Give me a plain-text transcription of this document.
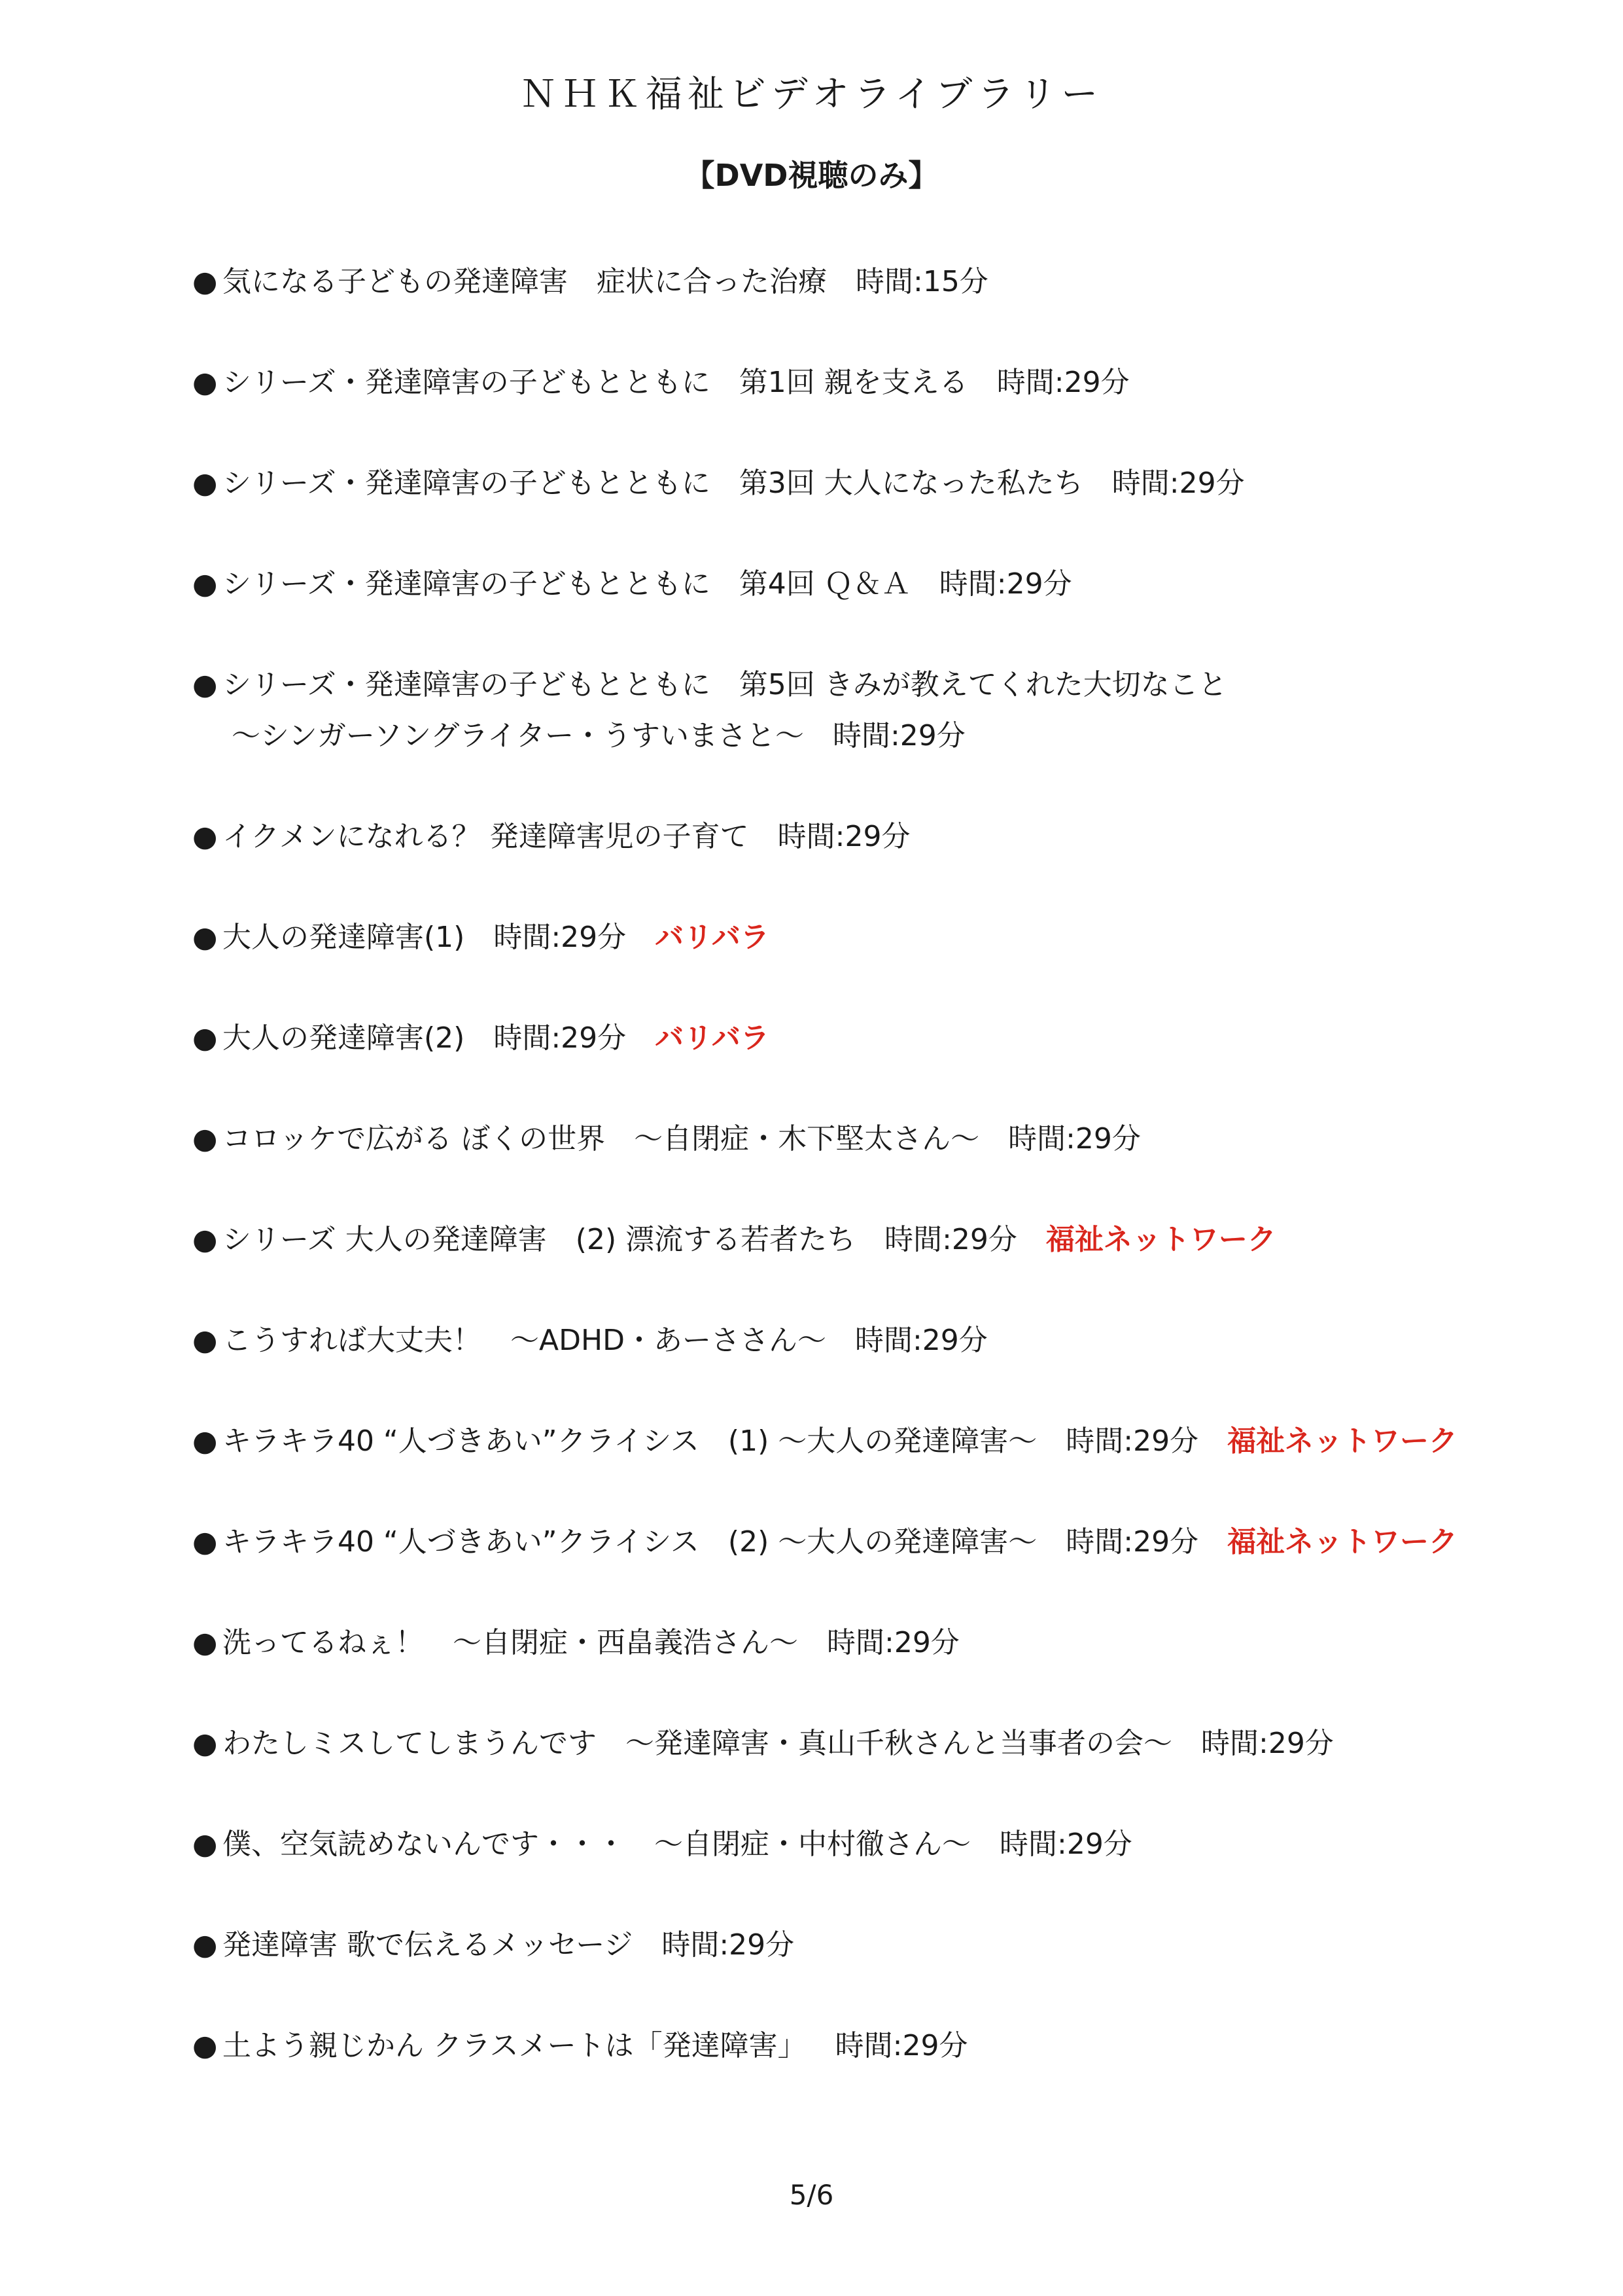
ＮＨＫ福祉ビデオライブラリー
【DVD視聴のみ】
● 気になる子どもの発達障害　症状に合った治療 時間:15分
● シリーズ・発達障害の子どもとともに　第1回 親を支える 時間:29分
● シリーズ・発達障害の子どもとともに　第3回 大人になった私たち 時間:29分
● シリーズ・発達障害の子どもとともに　第4回 Ｑ＆Ａ 時間:29分
● シリーズ・発達障害の子どもとともに　第5回 きみが教えてくれた大切なこと
～シンガーソングライター・うすいまさと～ 時間:29分
● イクメンになれる？ 発達障害児の子育て 時間:29分
● 大人の発達障害(1) 時間:29分 バリバラ
● 大人の発達障害(2) 時間:29分 バリバラ
● コロッケで広がる ぼくの世界　～自閉症・木下堅太さん～ 時間:29分
● シリーズ 大人の発達障害　(2) 漂流する若者たち 時間:29分 福祉ネットワーク
● こうすれば大丈夫！　～ADHD・あーささん～ 時間:29分
● キラキラ40 “人づきあい”クライシス　(1) ～大人の発達障害～ 時間:29分 福祉ネットワーク
● キラキラ40 “人づきあい”クライシス　(2) ～大人の発達障害～ 時間:29分 福祉ネットワーク
● 洗ってるねぇ！　～自閉症・西畠義浩さん～ 時間:29分
● わたしミスしてしまうんです　～発達障害・真山千秋さんと当事者の会～ 時間:29分
● 僕、空気読めないんです・・・　～自閉症・中村徹さん～ 時間:29分
● 発達障害 歌で伝えるメッセージ 時間:29分
● 土よう親じかん クラスメートは「発達障害」 時間:29分
5/6
